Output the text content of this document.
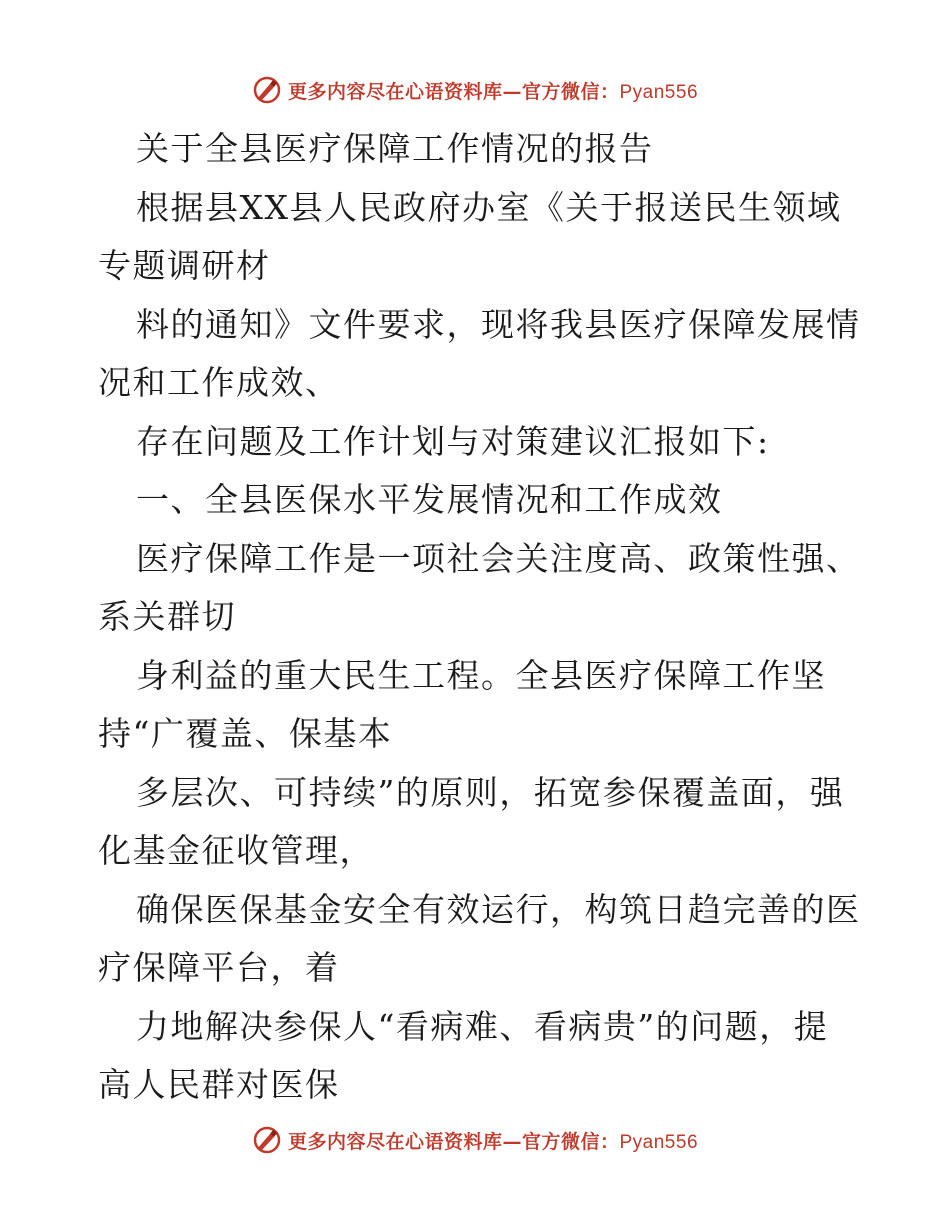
更多内容尽在心语资料库—官方微信：Pyan556
关于全县医疗保障工作情况的报告
根据县XX县人民政府办室《关于报送民生领域
专题调研材
料的通知》文件要求，现将我县医疗保障发展情
况和工作成效、
存在问题及工作计划与对策建议汇报如下:
一、全县医保水平发展情况和工作成效
医疗保障工作是一项社会关注度高、政策性强、
系关群切
身利益的重大民生工程。全县医疗保障工作坚
持“广覆盖、保基本
多层次、可持续”的原则，拓宽参保覆盖面，强
化基金征收管理，
确保医保基金安全有效运行，构筑日趋完善的医
疗保障平台，着
力地解决参保人“看病难、看病贵”的问题，提
高人民群对医保
更多内容尽在心语资料库—官方微信：Pyan556
